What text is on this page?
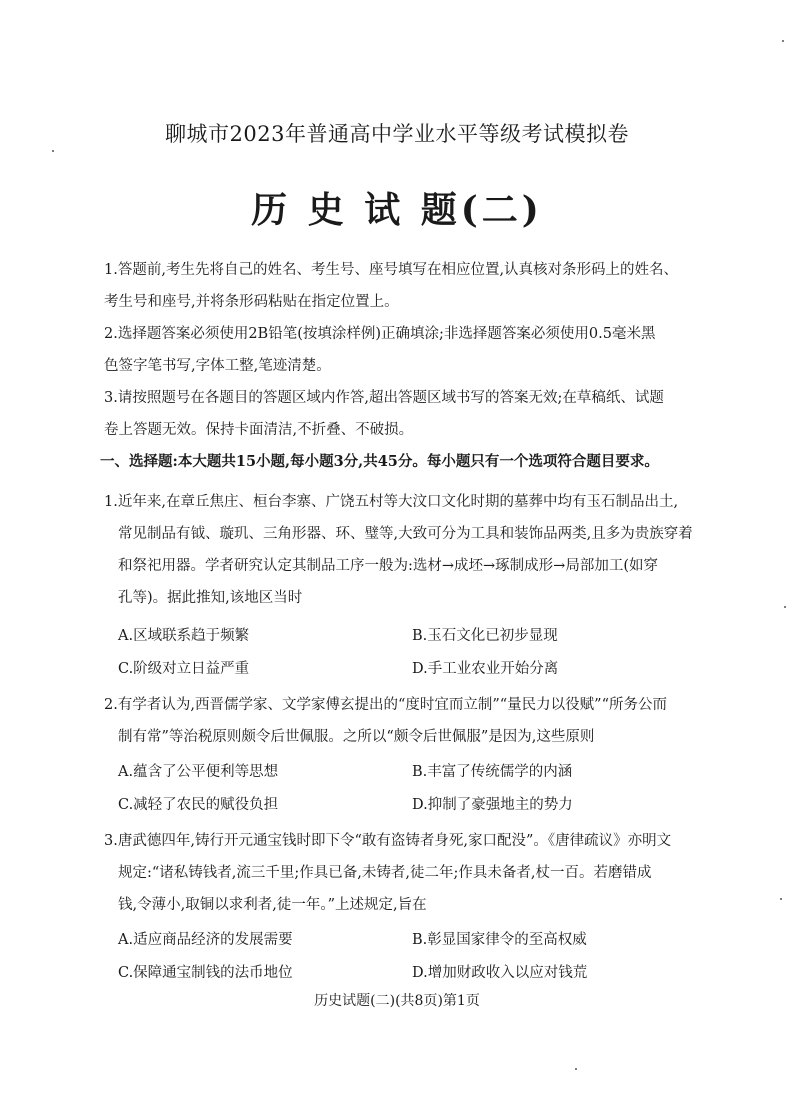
聊城市2023年普通高中学业水平等级考试模拟卷
历 史 试 题(二)
1.答题前,考生先将自己的姓名、考生号、座号填写在相应位置,认真核对条形码上的姓名、
考生号和座号,并将条形码粘贴在指定位置上。
2.选择题答案必须使用2B铅笔(按填涂样例)正确填涂;非选择题答案必须使用0.5毫米黑
色签字笔书写,字体工整,笔迹清楚。
3.请按照题号在各题目的答题区域内作答,超出答题区域书写的答案无效;在草稿纸、试题
卷上答题无效。保持卡面清洁,不折叠、不破损。
一、选择题:本大题共15小题,每小题3分,共45分。每小题只有一个选项符合题目要求。
1.近年来,在章丘焦庄、桓台李寨、广饶五村等大汶口文化时期的墓葬中均有玉石制品出土,
常见制品有钺、璇玑、三角形器、环、璧等,大致可分为工具和装饰品两类,且多为贵族穿着
和祭祀用器。学者研究认定其制品工序一般为:选材→成坯→琢制成形→局部加工(如穿
孔等)。据此推知,该地区当时
A.区域联系趋于频繁	B.玉石文化已初步显现
C.阶级对立日益严重	D.手工业农业开始分离
2.有学者认为,西晋儒学家、文学家傅玄提出的“度时宜而立制”“量民力以役赋”“所务公而
制有常”等治税原则颇令后世佩服。之所以“颇令后世佩服”是因为,这些原则
A.蕴含了公平便利等思想	B.丰富了传统儒学的内涵
C.减轻了农民的赋役负担	D.抑制了豪强地主的势力
3.唐武德四年,铸行开元通宝钱时即下令“敢有盗铸者身死,家口配没”。《唐律疏议》亦明文
规定:“诸私铸钱者,流三千里;作具已备,未铸者,徒二年;作具未备者,杖一百。若磨错成
钱,令薄小,取铜以求利者,徒一年。”上述规定,旨在
A.适应商品经济的发展需要	B.彰显国家律令的至高权威
C.保障通宝制钱的法币地位	D.增加财政收入以应对钱荒
历史试题(二)(共8页)第1页
